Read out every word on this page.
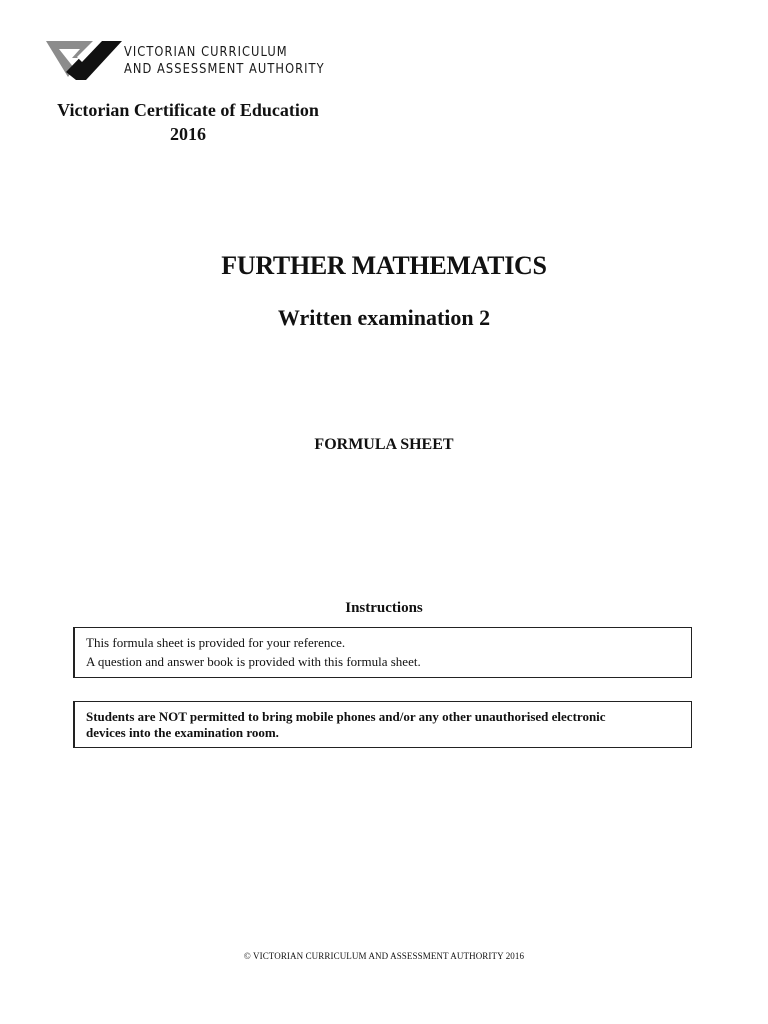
VICTORIAN CURRICULUM
AND ASSESSMENT AUTHORITY
Victorian Certificate of Education
2016
FURTHER MATHEMATICS
Written examination 2
FORMULA SHEET
Instructions
This formula sheet is provided for your reference.
A question and answer book is provided with this formula sheet.
Students are NOT permitted to bring mobile phones and/or any other unauthorised electronic
devices into the examination room.
© VICTORIAN CURRICULUM AND ASSESSMENT AUTHORITY 2016
